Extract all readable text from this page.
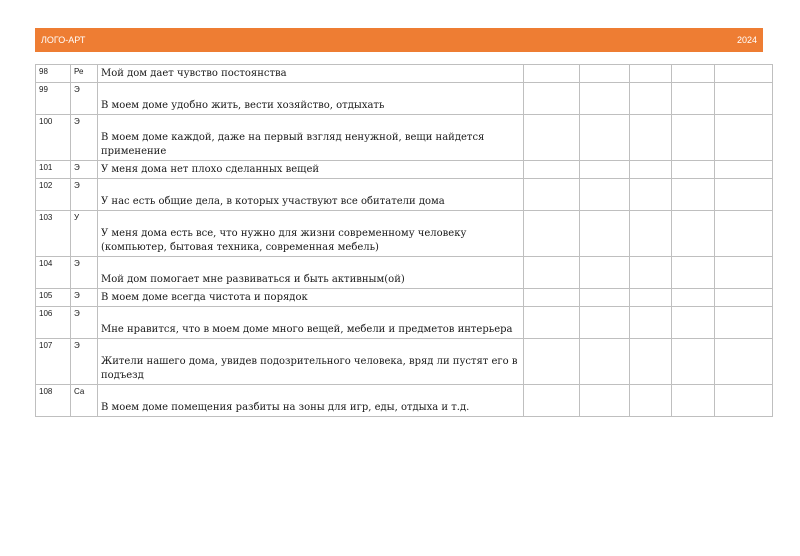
ЛОГО-АРТ	2024
98	Ре	Мой дом дает чувство постоянства					

99	Э	В моем доме удобно жить, вести хозяйство, отдыхать					

100	Э	В моем доме каждой, даже на первый взгляд ненужной, вещи найдется применение					

101	Э	У меня дома нет плохо сделанных вещей					

102	Э	У нас есть общие дела, в которых участвуют все обитатели дома					

103	У	У меня дома есть все, что нужно для жизни современному человеку (компьютер, бытовая техника, современная мебель)					

104	Э	Мой дом помогает мне развиваться и быть активным(ой)					

105	Э	В моем доме всегда чистота и порядок					

106	Э	Мне нравится, что в моем доме много вещей, мебели и предметов интерьера					

107	Э	Жители нашего дома, увидев подозрительного человека, вряд ли пустят его в подъезд					

108	Са	В моем доме помещения разбиты на зоны для игр, еды, отдыха и т.д.					
